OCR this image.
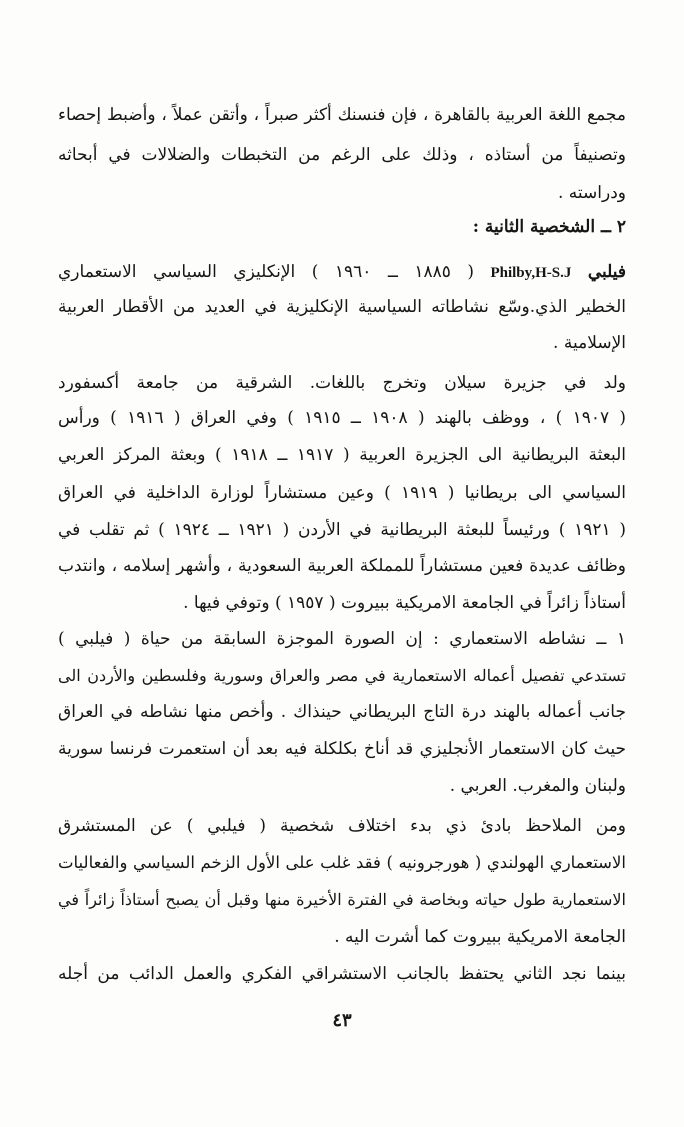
مجمع اللغة العربية بالقاهرة ، فإن فنسنك أكثر صبراً ، وأتقن عملاً ، وأضبط إحصاء
وتصنيفاً من أستاذه ، وذلك على الرغم من التخبطات والضلالات في أبحاثه
ودراسته .
٢ ــ الشخصية الثانية :
فيلبي Philby,H-S.J ( ١٨٨٥ ــ ١٩٦٠ ) الإنكليزي السياسي الاستعماري
الخطير الذي.وسّع نشاطاته السياسية الإنكليزية في العديد من الأقطار العربية
الإسلامية .
ولد في جزيرة سيلان وتخرج باللغات. الشرقية من جامعة أكسفورد
( ١٩٠٧ ) ، ووظف بالهند ( ١٩٠٨ ــ ١٩١٥ ) وفي العراق ( ١٩١٦ ) ورأس
البعثة البريطانية الى الجزيرة العربية ( ١٩١٧ ــ ١٩١٨ ) وبعثة المركز العربي
السياسي الى بريطانيا ( ١٩١٩ ) وعين مستشاراً لوزارة الداخلية في العراق
( ١٩٢١ ) ورئيساً للبعثة البريطانية في الأردن ( ١٩٢١ ــ ١٩٢٤ ) ثم تقلب في
وظائف عديدة فعين مستشاراً للمملكة العربية السعودية ، وأشهر إسلامه ، وانتدب
أستاذاً زائراً في الجامعة الامريكية ببيروت ( ١٩٥٧ ) وتوفي فيها .
١ ــ نشاطه الاستعماري : إن الصورة الموجزة السابقة من حياة ( فيلبي )
تستدعي تفصيل أعماله الاستعمارية في مصر والعراق وسورية وفلسطين والأردن الى
جانب أعماله بالهند درة التاج البريطاني حينذاك . وأخص منها نشاطه في العراق
حيث كان الاستعمار الأنجليزي قد أناخ بكلكلة فيه بعد أن استعمرت فرنسا سورية
ولبنان والمغرب. العربي .
ومن الملاحظ بادئ ذي بدء اختلاف شخصية ( فيلبي ) عن المستشرق
الاستعماري الهولندي ( هورجرونيه ) فقد غلب على الأول الزخم السياسي والفعاليات
الاستعمارية طول حياته وبخاصة في الفترة الأخيرة منها وقبل أن يصبح أستاذاً زائراً في
الجامعة الامريكية ببيروت كما أشرت اليه .
بينما نجد الثاني يحتفظ بالجانب الاستشراقي الفكري والعمل الدائب من أجله
٤٣
